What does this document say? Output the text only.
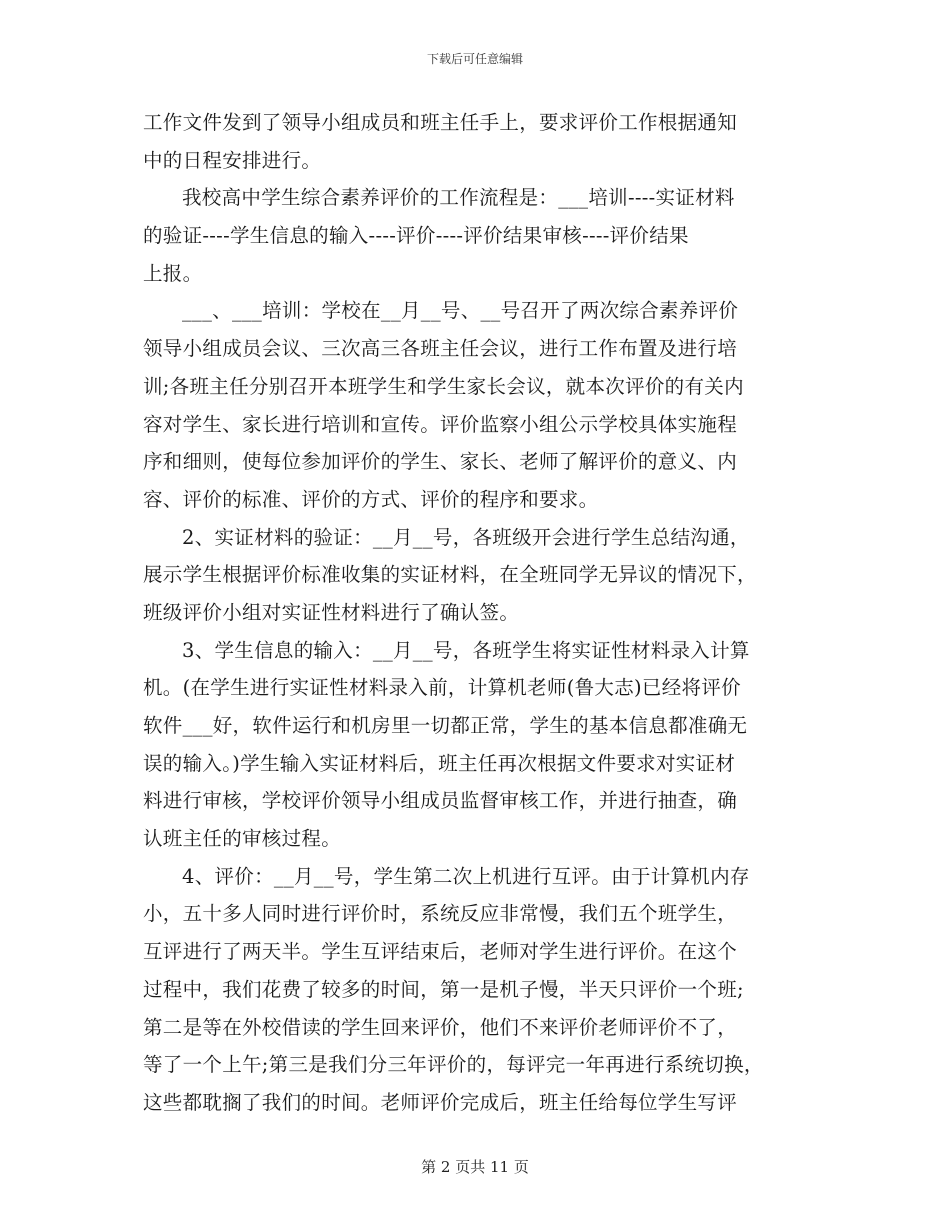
下载后可任意编辑
工作文件发到了领导小组成员和班主任手上，要求评价工作根据通知
中的日程安排进行。
我校高中学生综合素养评价的工作流程是：___培训----实证材料
的验证----学生信息的输入----评价----评价结果审核----评价结果
上报。
___、___培训：学校在__月__号、__号召开了两次综合素养评价
领导小组成员会议、三次高三各班主任会议，进行工作布置及进行培
训;各班主任分别召开本班学生和学生家长会议，就本次评价的有关内
容对学生、家长进行培训和宣传。评价监察小组公示学校具体实施程
序和细则，使每位参加评价的学生、家长、老师了解评价的意义、内
容、评价的标准、评价的方式、评价的程序和要求。
2、实证材料的验证：__月__号，各班级开会进行学生总结沟通，
展示学生根据评价标准收集的实证材料，在全班同学无异议的情况下，
班级评价小组对实证性材料进行了确认签。
3、学生信息的输入：__月__号，各班学生将实证性材料录入计算
机。(在学生进行实证性材料录入前，计算机老师(鲁大志)已经将评价
软件___好，软件运行和机房里一切都正常，学生的基本信息都准确无
误的输入。)学生输入实证材料后，班主任再次根据文件要求对实证材
料进行审核，学校评价领导小组成员监督审核工作，并进行抽查，确
认班主任的审核过程。
4、评价：__月__号，学生第二次上机进行互评。由于计算机内存
小，五十多人同时进行评价时，系统反应非常慢，我们五个班学生，
互评进行了两天半。学生互评结束后，老师对学生进行评价。在这个
过程中，我们花费了较多的时间，第一是机子慢，半天只评价一个班;
第二是等在外校借读的学生回来评价，他们不来评价老师评价不了，
等了一个上午;第三是我们分三年评价的，每评完一年再进行系统切换，
这些都耽搁了我们的时间。老师评价完成后，班主任给每位学生写评
第 2 页共 11 页
